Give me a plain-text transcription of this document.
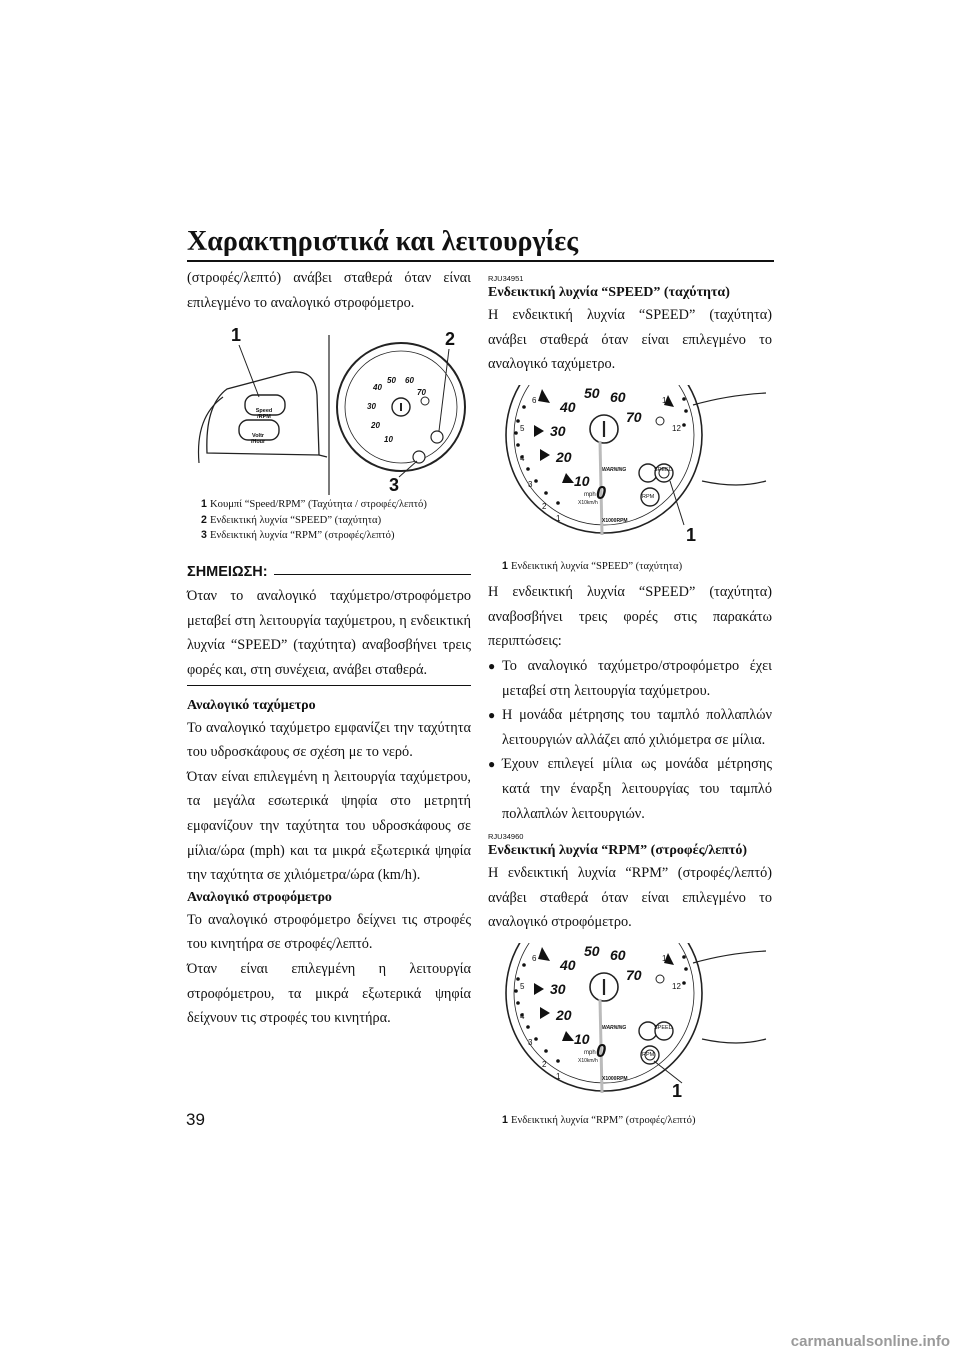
Χαρακτηριστικά και λειτουργίες

(στροφές/λεπτό) ανάβει σταθερά όταν είναι επιλεγμένο το αναλογικό στροφόμετρο.

Speed /RPM
Voltr /Hour	10
20
30
40
50 60
70
1	2
3
1 Κουμπί “Speed/RPM” (Ταχύτητα / στροφές/λεπτό)
2 Ενδεικτική λυχνία “SPEED” (ταχύτητα)
3 Ενδεικτική λυχνία “RPM” (στροφές/λεπτό)
ΣΗΜΕΙΩΣΗ:

Όταν το αναλογικό ταχύμετρο/στροφόμετρο μεταβεί στη λειτουργία ταχύμετρου, η ενδεικτική λυχνία “SPEED” (ταχύτητα) αναβοσβήνει τρεις φορές και, στη συνέχεια, ανάβει σταθερά.

Αναλογικό ταχύμετρο

Το αναλογικό ταχύμετρο εμφανίζει την ταχύτητα του υδροσκάφους σε σχέση με το νερό.

Όταν είναι επιλεγμένη η λειτουργία ταχύμετρου, τα μεγάλα εσωτερικά ψηφία στο μετρητή εμφανίζουν την ταχύτητα του υδροσκάφους σε μίλια/ώρα (mph) και τα μικρά εξωτερικά ψηφία την ταχύτητα σε χιλιόμετρα/ώρα (km/h).

Αναλογικό στροφόμετρο

Το αναλογικό στροφόμετρο δείχνει τις στροφές του κινητήρα σε στροφές/λεπτό.

Όταν είναι επιλεγμένη η λειτουργία στροφόμετρου, τα μικρά εξωτερικά ψηφία δείχνουν τις στροφές του κινητήρα.

RJU34951
Ενδεικτική λυχνία “SPEED” (ταχύτητα)

Η ενδεικτική λυχνία “SPEED” (ταχύτητα) ανάβει σταθερά όταν είναι επιλεγμένο το αναλογικό ταχύμετρο.

10
20
30
40
50 60
70
1
2
3
4
5
6	11
12
0
WARNING	SPEED
RPM
mph
X10km/h
X1000RPM
1
1 Ενδεικτική λυχνία “SPEED” (ταχύτητα)

Η ενδεικτική λυχνία “SPEED” (ταχύτητα) αναβοσβήνει τρεις φορές στις παρακάτω περιπτώσεις:

● Το αναλογικό ταχύμετρο/στροφόμετρο έχει μεταβεί στη λειτουργία ταχύμετρου.
● Η μονάδα μέτρησης του ταμπλό πολλαπλών λειτουργιών αλλάζει από χιλιόμετρα σε μίλια.
● Έχουν επιλεγεί μίλια ως μονάδα μέτρησης κατά την έναρξη λειτουργίας του ταμπλό πολλαπλών λειτουργιών.
RJU34960
Ενδεικτική λυχνία “RPM” (στροφές/λεπτό)

Η ενδεικτική λυχνία “RPM” (στροφές/λεπτό) ανάβει σταθερά όταν είναι επιλεγμένο το αναλογικό στροφόμετρο.

10
20
30
40
50 60
70
1
2
3
4
5
6	11
12
0
WARNING	SPEED
RPM
mph
X10km/h
X1000RPM
1
1 Ενδεικτική λυχνία “RPM” (στροφές/λεπτό)
39
carmanualsonline.info
